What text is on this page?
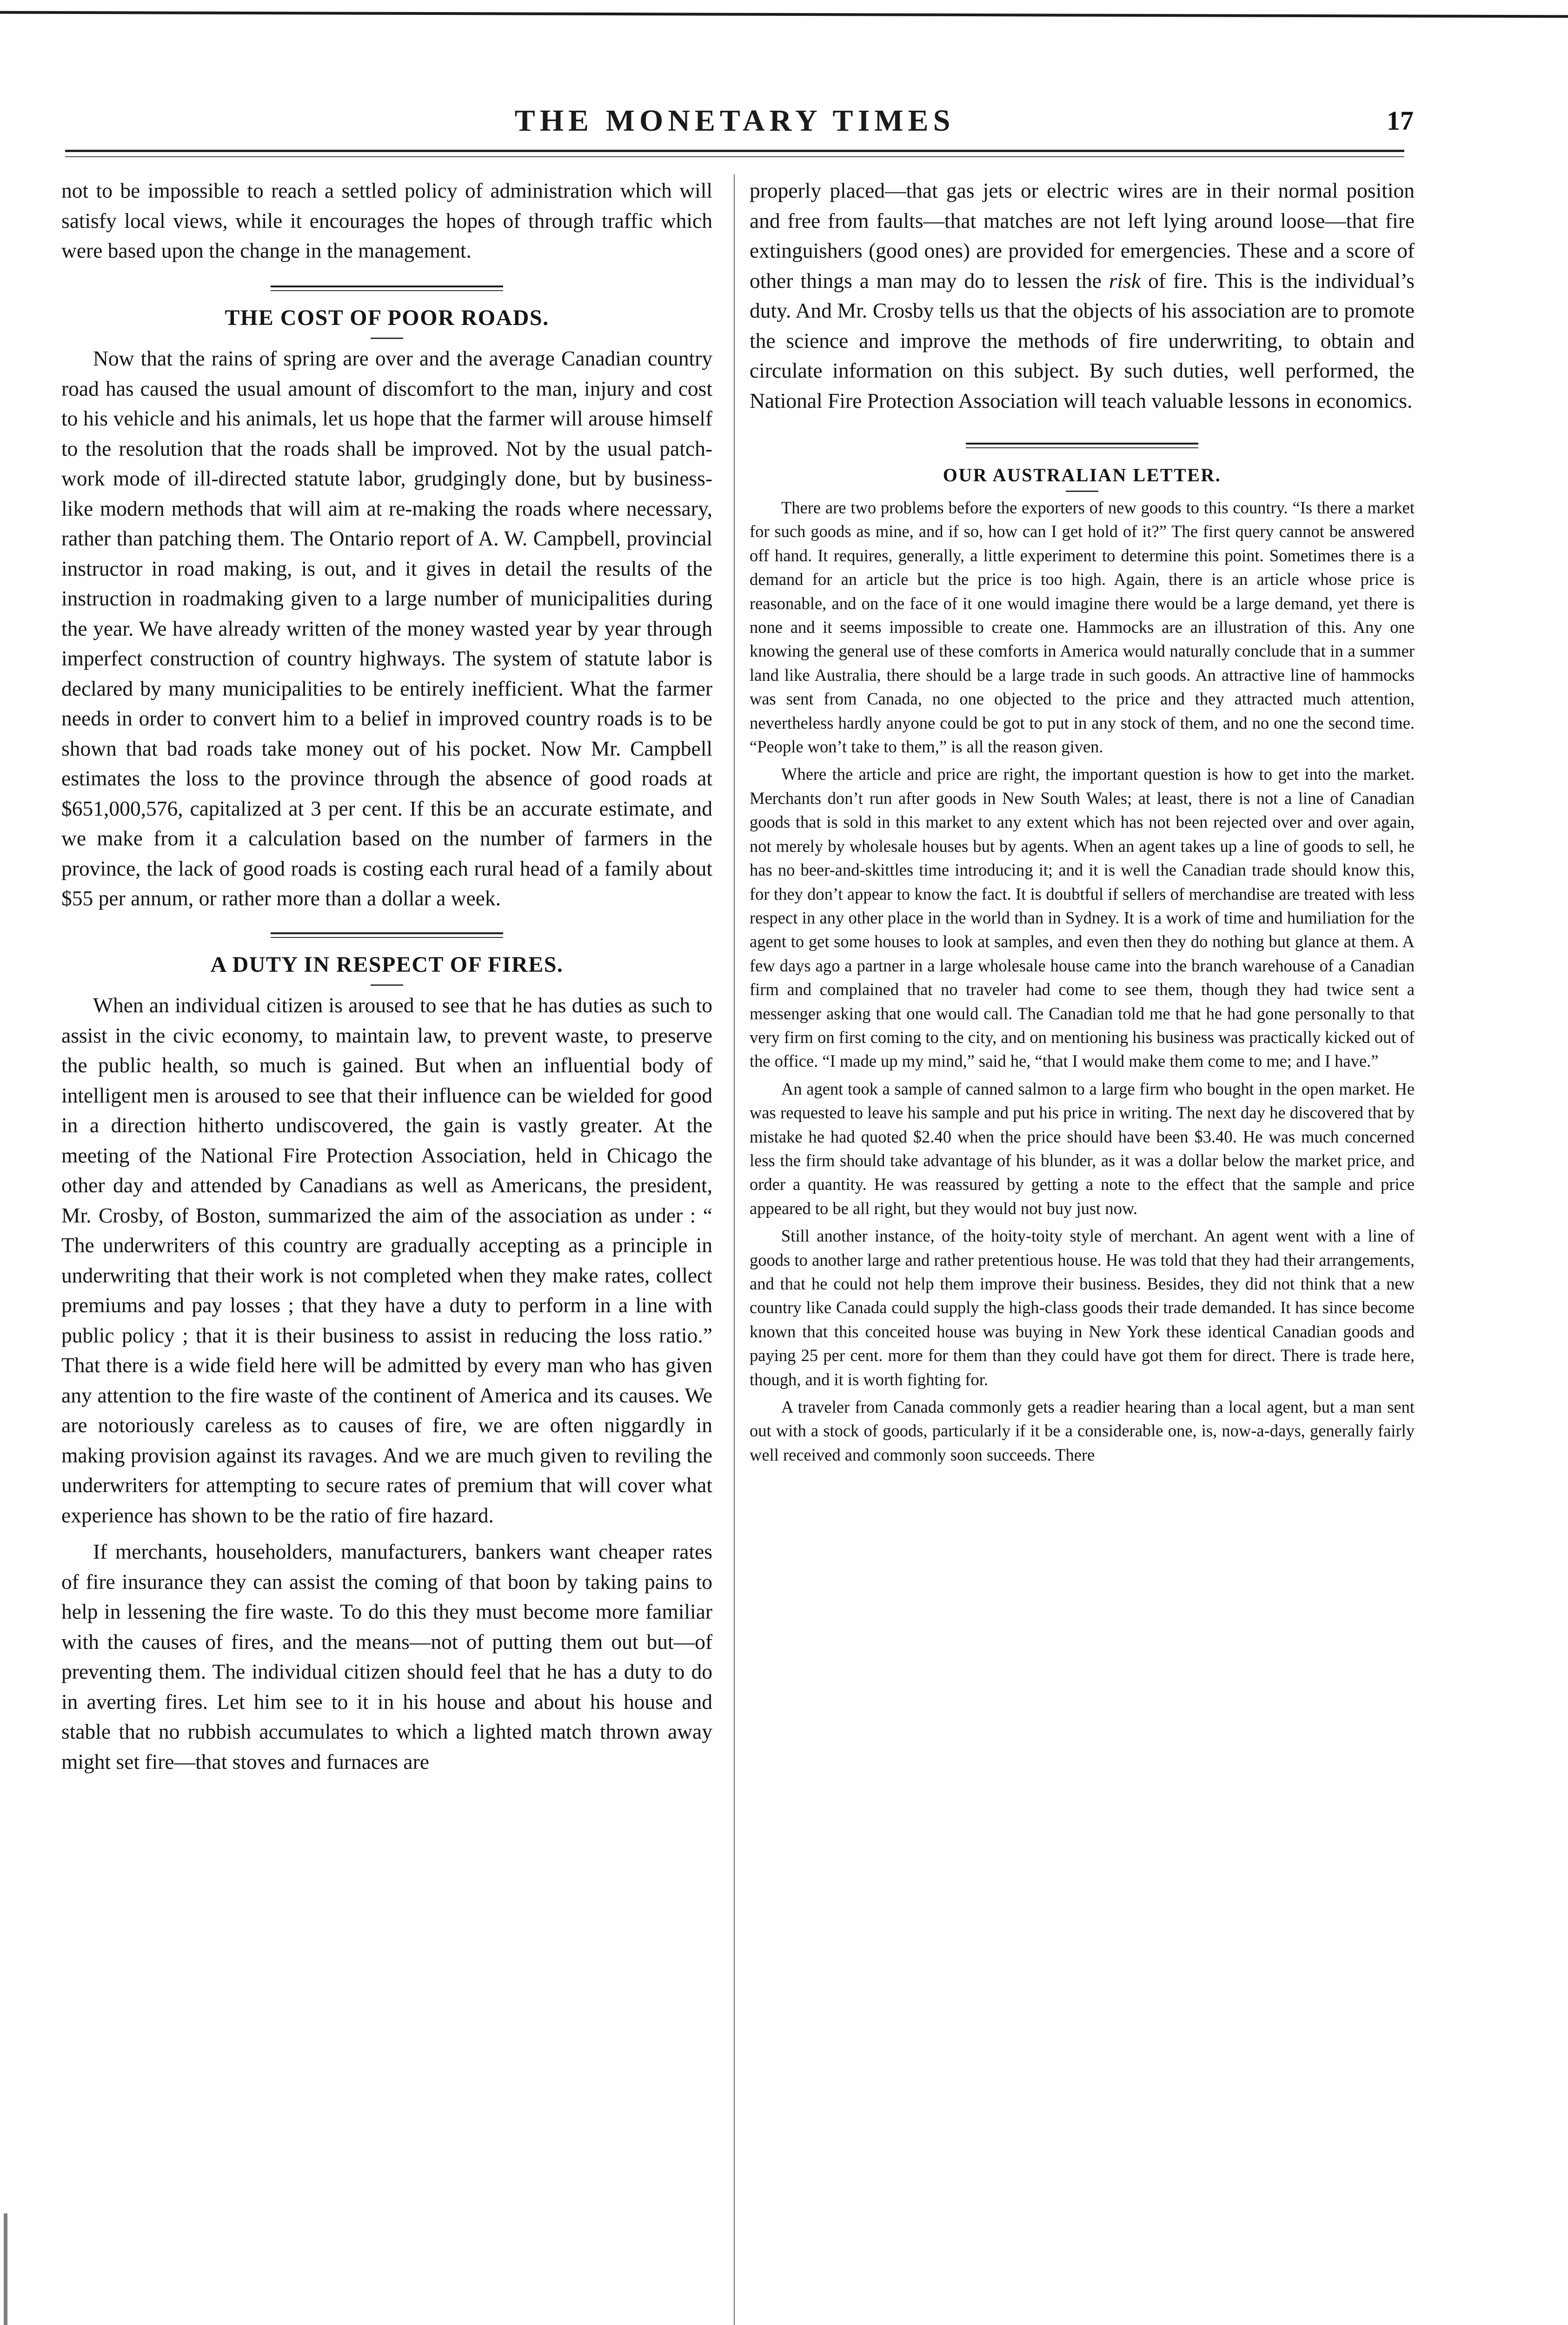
THE MONETARY TIMES	17

not to be impossible to reach a settled policy of administration which will satisfy local views, while it encourages the hopes of through traffic which were based upon the change in the management.

THE COST OF POOR ROADS.

Now that the rains of spring are over and the average Canadian country road has caused the usual amount of discomfort to the man, injury and cost to his vehicle and his animals, let us hope that the farmer will arouse himself to the resolution that the roads shall be improved. Not by the usual patch-work mode of ill-directed statute labor, grudgingly done, but by business-like modern methods that will aim at re-making the roads where necessary, rather than patching them. The Ontario report of A. W. Campbell, provincial instructor in road making, is out, and it gives in detail the results of the instruction in roadmaking given to a large number of municipalities during the year. We have already written of the money wasted year by year through imperfect construction of country highways. The system of statute labor is declared by many municipalities to be entirely inefficient. What the farmer needs in order to convert him to a belief in improved country roads is to be shown that bad roads take money out of his pocket. Now Mr. Campbell estimates the loss to the province through the absence of good roads at $651,000,576, capitalized at 3 per cent. If this be an accurate estimate, and we make from it a calculation based on the number of farmers in the province, the lack of good roads is costing each rural head of a family about $55 per annum, or rather more than a dollar a week.

A DUTY IN RESPECT OF FIRES.

When an individual citizen is aroused to see that he has duties as such to assist in the civic economy, to maintain law, to prevent waste, to preserve the public health, so much is gained. But when an influential body of intelligent men is aroused to see that their influence can be wielded for good in a direction hitherto undiscovered, the gain is vastly greater. At the meeting of the National Fire Protection Association, held in Chicago the other day and attended by Canadians as well as Americans, the president, Mr. Crosby, of Boston, summarized the aim of the association as under : “ The underwriters of this country are gradually accepting as a principle in underwriting that their work is not completed when they make rates, collect premiums and pay losses ; that they have a duty to perform in a line with public policy ; that it is their business to assist in reducing the loss ratio.” That there is a wide field here will be admitted by every man who has given any attention to the fire waste of the continent of America and its causes. We are notoriously careless as to causes of fire, we are often niggardly in making provision against its ravages. And we are much given to reviling the underwriters for attempting to secure rates of premium that will cover what experience has shown to be the ratio of fire hazard.

If merchants, householders, manufacturers, bankers want cheaper rates of fire insurance they can assist the coming of that boon by taking pains to help in lessening the fire waste. To do this they must become more familiar with the causes of fires, and the means—not of putting them out but—of preventing them. The individual citizen should feel that he has a duty to do in averting fires. Let him see to it in his house and about his house and stable that no rubbish accumulates to which a lighted match thrown away might set fire—that stoves and furnaces are

properly placed—that gas jets or electric wires are in their normal position and free from faults—that matches are not left lying around loose—that fire extinguishers (good ones) are provided for emergencies. These and a score of other things a man may do to lessen the risk of fire. This is the individual’s duty. And Mr. Crosby tells us that the objects of his association are to promote the science and improve the methods of fire underwriting, to obtain and circulate information on this subject. By such duties, well performed, the National Fire Protection Association will teach valuable lessons in economics.

OUR AUSTRALIAN LETTER.

There are two problems before the exporters of new goods to this country. “Is there a market for such goods as mine, and if so, how can I get hold of it?” The first query cannot be answered off hand. It requires, generally, a little experiment to determine this point. Sometimes there is a demand for an article but the price is too high. Again, there is an article whose price is reasonable, and on the face of it one would imagine there would be a large demand, yet there is none and it seems impossible to create one. Hammocks are an illustration of this. Any one knowing the general use of these comforts in America would naturally conclude that in a summer land like Australia, there should be a large trade in such goods. An attractive line of hammocks was sent from Canada, no one objected to the price and they attracted much attention, nevertheless hardly anyone could be got to put in any stock of them, and no one the second time. “People won’t take to them,” is all the reason given.

Where the article and price are right, the important question is how to get into the market. Merchants don’t run after goods in New South Wales; at least, there is not a line of Canadian goods that is sold in this market to any extent which has not been rejected over and over again, not merely by wholesale houses but by agents. When an agent takes up a line of goods to sell, he has no beer-and-skittles time introducing it; and it is well the Canadian trade should know this, for they don’t appear to know the fact. It is doubtful if sellers of merchandise are treated with less respect in any other place in the world than in Sydney. It is a work of time and humiliation for the agent to get some houses to look at samples, and even then they do nothing but glance at them. A few days ago a partner in a large wholesale house came into the branch warehouse of a Canadian firm and complained that no traveler had come to see them, though they had twice sent a messenger asking that one would call. The Canadian told me that he had gone personally to that very firm on first coming to the city, and on mentioning his business was practically kicked out of the office. “I made up my mind,” said he, “that I would make them come to me; and I have.”

An agent took a sample of canned salmon to a large firm who bought in the open market. He was requested to leave his sample and put his price in writing. The next day he discovered that by mistake he had quoted $2.40 when the price should have been $3.40. He was much concerned less the firm should take advantage of his blunder, as it was a dollar below the market price, and order a quantity. He was reassured by getting a note to the effect that the sample and price appeared to be all right, but they would not buy just now.

Still another instance, of the hoity-toity style of merchant. An agent went with a line of goods to another large and rather pretentious house. He was told that they had their arrangements, and that he could not help them improve their business. Besides, they did not think that a new country like Canada could supply the high-class goods their trade demanded. It has since become known that this conceited house was buying in New York these identical Canadian goods and paying 25 per cent. more for them than they could have got them for direct. There is trade here, though, and it is worth fighting for.

A traveler from Canada commonly gets a readier hearing than a local agent, but a man sent out with a stock of goods, particularly if it be a considerable one, is, now-a-days, generally fairly well received and commonly soon succeeds. There
